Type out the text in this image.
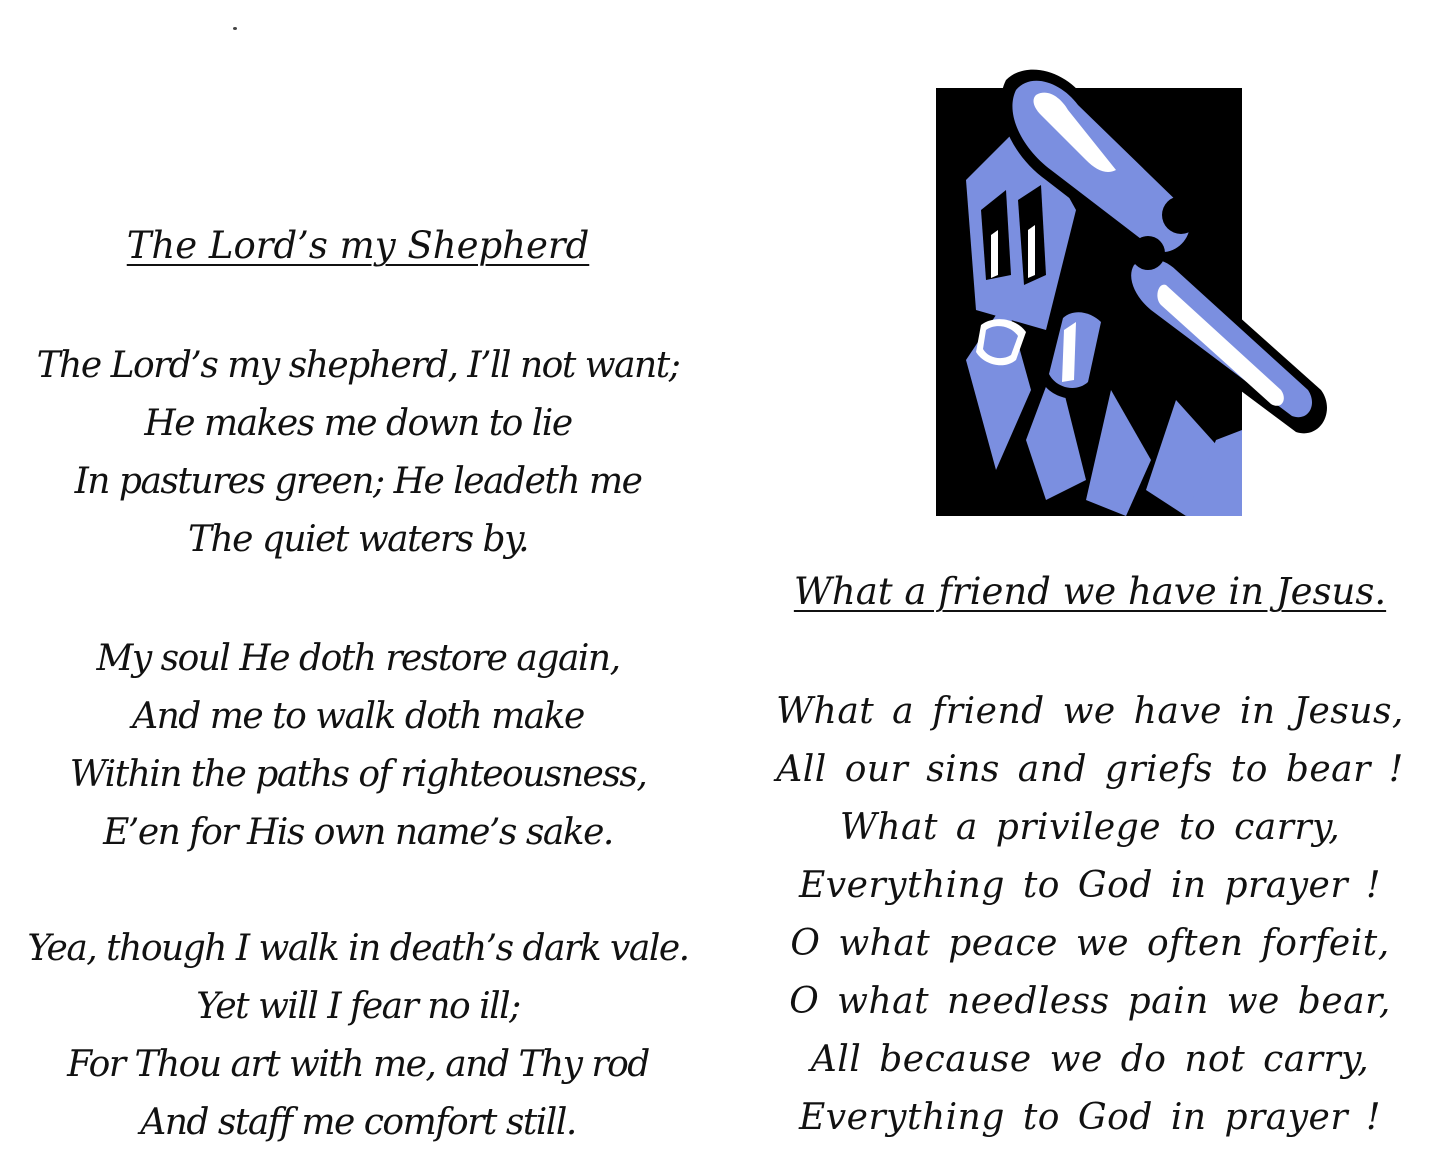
The Lord’s my Shepherd
The Lord’s my shepherd, I’ll not want;
He makes me down to lie
In pastures green; He leadeth me
The quiet waters by.
My soul He doth restore again,
And me to walk doth make
Within the paths of righteousness,
E’en for His own name’s sake.
Yea, though I walk in death’s dark vale.
Yet will I fear no ill;
For Thou art with me, and Thy rod
And staff me comfort still.
What a friend we have in Jesus.
What a friend we have in Jesus,
All our sins and griefs to bear !
What a privilege to carry,
Everything to God in prayer !
O what peace we often forfeit,
O what needless pain we bear,
All because we do not carry,
Everything to God in prayer !
